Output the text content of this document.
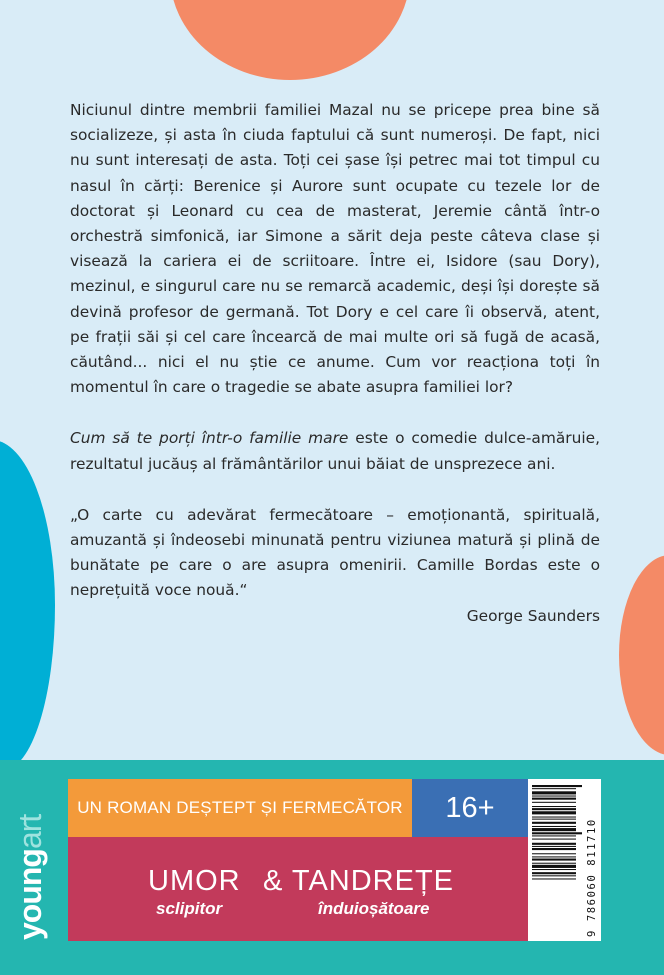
Niciunul dintre membrii familiei Mazal nu se pricepe prea bine să socializeze, și asta în ciuda faptului că sunt numeroși. De fapt, nici nu sunt interesați de asta. Toți cei șase își petrec mai tot timpul cu nasul în cărți: Berenice și Aurore sunt ocupate cu tezele lor de doctorat și Leonard cu cea de masterat, Jeremie cântă într-o orchestră simfonică, iar Simone a sărit deja peste câteva clase și visează la cariera ei de scriitoare. Între ei, Isidore (sau Dory), mezinul, e singurul care nu se remarcă academic, deși își dorește să devină profesor de germană. Tot Dory e cel care îi observă, atent, pe frații săi și cel care încearcă de mai multe ori să fugă de acasă, căutând... nici el nu știe ce anume. Cum vor reacționa toți în momentul în care o tragedie se abate asupra familiei lor?

Cum să te porți într-o familie mare este o comedie dulce-amăruie, rezultatul jucăuș al frământărilor unui băiat de unsprezece ani.

„O carte cu adevărat fermecătoare – emoționantă, spirituală, amuzantă și îndeosebi minunată pentru viziunea matură și plină de bunătate pe care o are asupra omenirii. Camille Bordas este o neprețuită voce nouă.“

George Saunders

youngart
UN ROMAN DEȘTEPT ȘI FERMECĂTOR 16+
UMOR & TANDREȚE
sclipitor	înduioșătoare	9 786060 811710
